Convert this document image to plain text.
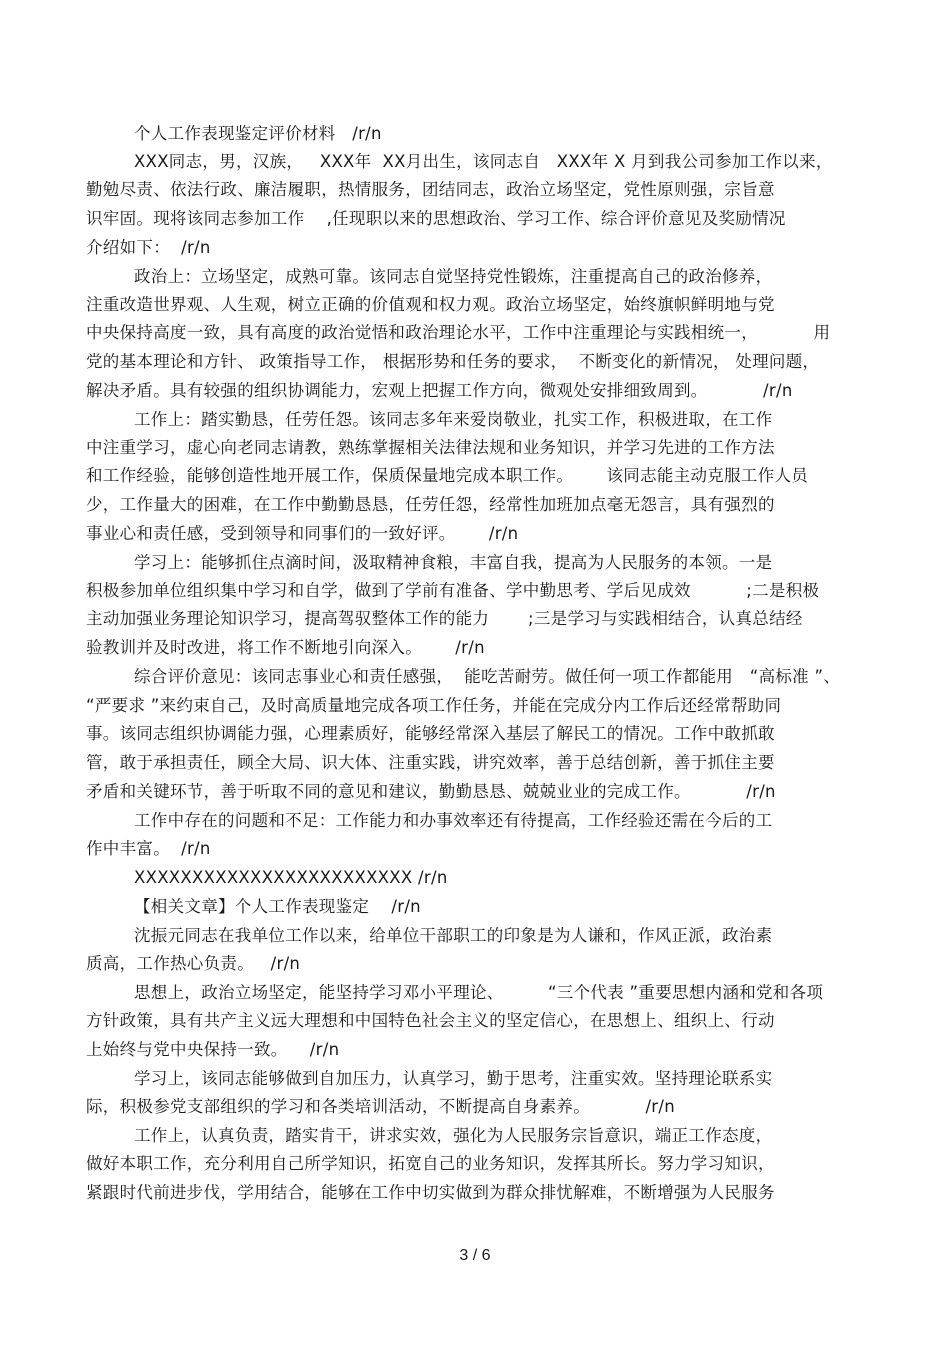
个人工作表现鉴定评价材料   /r/n
XXX同志，男，汉族，   XXX年  XX月出生，该同志自   XXX年 X 月到我公司参加工作以来，
勤勉尽责、依法行政、廉洁履职，热情服务，团结同志，政治立场坚定，党性原则强，宗旨意
识牢固。现将该同志参加工作    ,任现职以来的思想政治、学习工作、综合评价意见及奖励情况
介绍如下：  /r/n
政治上：立场坚定，成熟可靠。该同志自觉坚持党性锻炼，注重提高自己的政治修养，
注重改造世界观、人生观，树立正确的价值观和权力观。政治立场坚定，始终旗帜鲜明地与党
中央保持高度一致，具有高度的政治觉悟和政治理论水平，工作中注重理论与实践相统一，          用
党的基本理论和方针、 政策指导工作， 根据形势和任务的要求，  不断变化的新情况， 处理问题，
解决矛盾。具有较强的组织协调能力，宏观上把握工作方向，微观处安排细致周到。          /r/n
工作上：踏实勤恳，任劳任怨。该同志多年来爱岗敬业，扎实工作，积极进取，在工作
中注重学习，虚心向老同志请教，熟练掌握相关法律法规和业务知识，并学习先进的工作方法
和工作经验，能够创造性地开展工作，保质保量地完成本职工作。      该同志能主动克服工作人员
少，工作量大的困难，在工作中勤勤恳恳，任劳任怨，经常性加班加点毫无怨言，具有强烈的
事业心和责任感，受到领导和同事们的一致好评。      /r/n
学习上：能够抓住点滴时间，汲取精神食粮，丰富自我，提高为人民服务的本领。一是
积极参加单位组织集中学习和自学，做到了学前有准备、学中勤思考、学后见成效          ;二是积极
主动加强业务理论知识学习，提高驾驭整体工作的能力       ;三是学习与实践相结合，认真总结经
验教训并及时改进，将工作不断地引向深入。      /r/n
综合评价意见：该同志事业心和责任感强，  能吃苦耐劳。做任何一项工作都能用   “高标准 ”、
“严要求 ”来约束自己，及时高质量地完成各项工作任务，并能在完成分内工作后还经常帮助同
事。该同志组织协调能力强，心理素质好，能够经常深入基层了解民工的情况。工作中敢抓敢
管，敢于承担责任，顾全大局、识大体、注重实践，讲究效率，善于总结创新，善于抓住主要
矛盾和关键环节，善于听取不同的意见和建议，勤勤恳恳、兢兢业业的完成工作。          /r/n
工作中存在的问题和不足：工作能力和办事效率还有待提高，工作经验还需在今后的工
作中丰富。  /r/n
XXXXXXXXXXXXXXXXXXXXXXXX /r/n
【相关文章】个人工作表现鉴定    /r/n
沈振元同志在我单位工作以来，给单位干部职工的印象是为人谦和，作风正派，政治素
质高，工作热心负责。   /r/n
思想上，政治立场坚定，能坚持学习邓小平理论、        “三个代表 ”重要思想内涵和党和各项
方针政策，具有共产主义远大理想和中国特色社会主义的坚定信心，在思想上、组织上、行动
上始终与党中央保持一致。    /r/n
学习上，该同志能够做到自加压力，认真学习，勤于思考，注重实效。坚持理论联系实
际，积极参党支部组织的学习和各类培训活动，不断提高自身素养。          /r/n
工作上，认真负责，踏实肯干，讲求实效，强化为人民服务宗旨意识，端正工作态度，
做好本职工作，充分利用自己所学知识，拓宽自己的业务知识，发挥其所长。努力学习知识，
紧跟时代前进步伐，学用结合，能够在工作中切实做到为群众排忧解难，不断增强为人民服务
3 / 6
